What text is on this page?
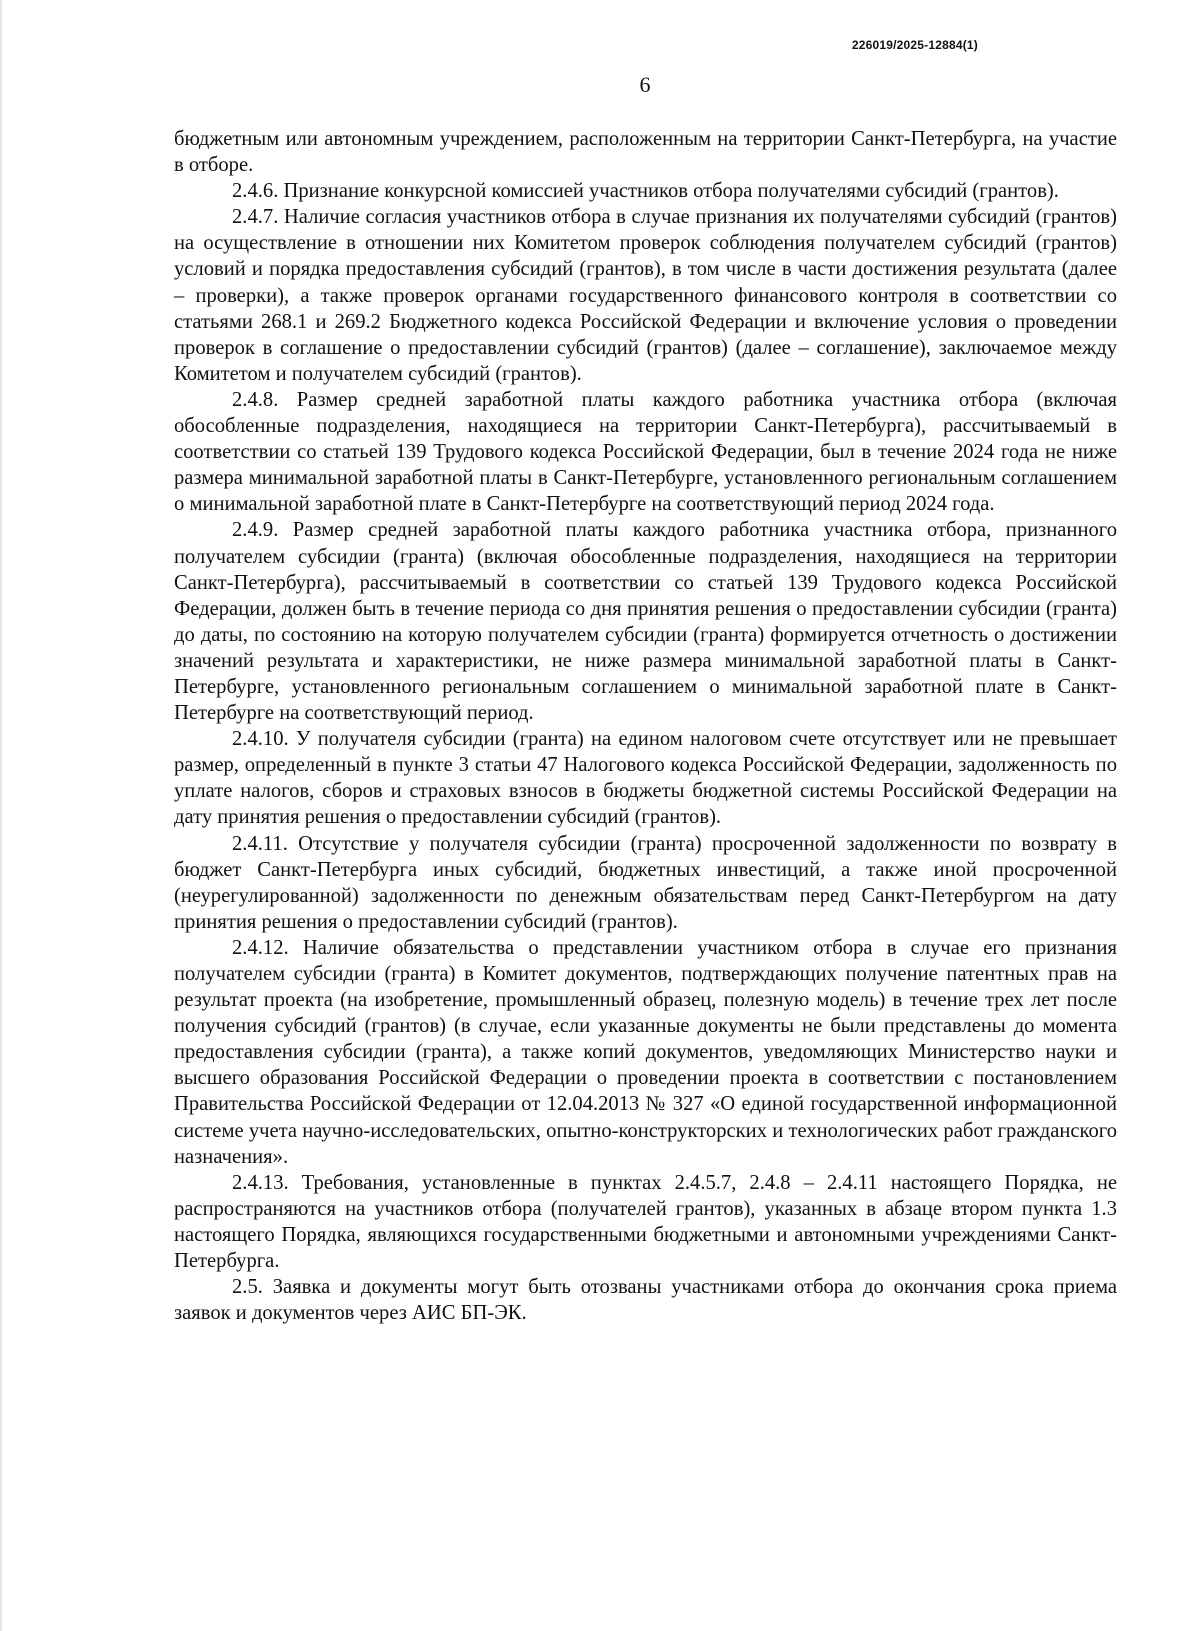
226019/2025-12884(1)
6

бюджетным или автономным учреждением, расположенным на территории Санкт-Петербурга, на участие в отборе.

2.4.6. Признание конкурсной комиссией участников отбора получателями субсидий (грантов).

2.4.7. Наличие согласия участников отбора в случае признания их получателями субсидий (грантов) на осуществление в отношении них Комитетом проверок соблюдения получателем субсидий (грантов) условий и порядка предоставления субсидий (грантов), в том числе в части достижения результата (далее – проверки), а также проверок органами государственного финансового контроля в соответствии со статьями 268.1 и 269.2 Бюджетного кодекса Российской Федерации и включение условия о проведении проверок в соглашение о предоставлении субсидий (грантов) (далее – соглашение), заключаемое между Комитетом и получателем субсидий (грантов).

2.4.8. Размер средней заработной платы каждого работника участника отбора (включая обособленные подразделения, находящиеся на территории Санкт-Петербурга), рассчитываемый в соответствии со статьей 139 Трудового кодекса Российской Федерации, был в течение 2024 года не ниже размера минимальной заработной платы в Санкт-Петербурге, установленного региональным соглашением о минимальной заработной плате в Санкт-Петербурге на соответствующий период 2024 года.

2.4.9. Размер средней заработной платы каждого работника участника отбора, признанного получателем субсидии (гранта) (включая обособленные подразделения, находящиеся на территории Санкт-Петербурга), рассчитываемый в соответствии со статьей 139 Трудового кодекса Российской Федерации, должен быть в течение периода со дня принятия решения о предоставлении субсидии (гранта) до даты, по состоянию на которую получателем субсидии (гранта) формируется отчетность о достижении значений результата и характеристики, не ниже размера минимальной заработной платы в Санкт-Петербурге, установленного региональным соглашением о минимальной заработной плате в Санкт-Петербурге на соответствующий период.

2.4.10. У получателя субсидии (гранта) на едином налоговом счете отсутствует или не превышает размер, определенный в пункте 3 статьи 47 Налогового кодекса Российской Федерации, задолженность по уплате налогов, сборов и страховых взносов в бюджеты бюджетной системы Российской Федерации на дату принятия решения о предоставлении субсидий (грантов).

2.4.11. Отсутствие у получателя субсидии (гранта) просроченной задолженности по возврату в бюджет Санкт-Петербурга иных субсидий, бюджетных инвестиций, а также иной просроченной (неурегулированной) задолженности по денежным обязательствам перед Санкт-Петербургом на дату принятия решения о предоставлении субсидий (грантов).

2.4.12. Наличие обязательства о представлении участником отбора в случае его признания получателем субсидии (гранта) в Комитет документов, подтверждающих получение патентных прав на результат проекта (на изобретение, промышленный образец, полезную модель) в течение трех лет после получения субсидий (грантов) (в случае, если указанные документы не были представлены до момента предоставления субсидии (гранта), а также копий документов, уведомляющих Министерство науки и высшего образования Российской Федерации о проведении проекта в соответствии с постановлением Правительства Российской Федерации от 12.04.2013 № 327 «О единой государственной информационной системе учета научно-исследовательских, опытно-конструкторских и технологических работ гражданского назначения».

2.4.13. Требования, установленные в пунктах 2.4.5.7, 2.4.8 – 2.4.11 настоящего Порядка, не распространяются на участников отбора (получателей грантов), указанных в абзаце втором пункта 1.3 настоящего Порядка, являющихся государственными бюджетными и автономными учреждениями Санкт-Петербурга.

2.5. Заявка и документы могут быть отозваны участниками отбора до окончания срока приема заявок и документов через АИС БП-ЭК.
